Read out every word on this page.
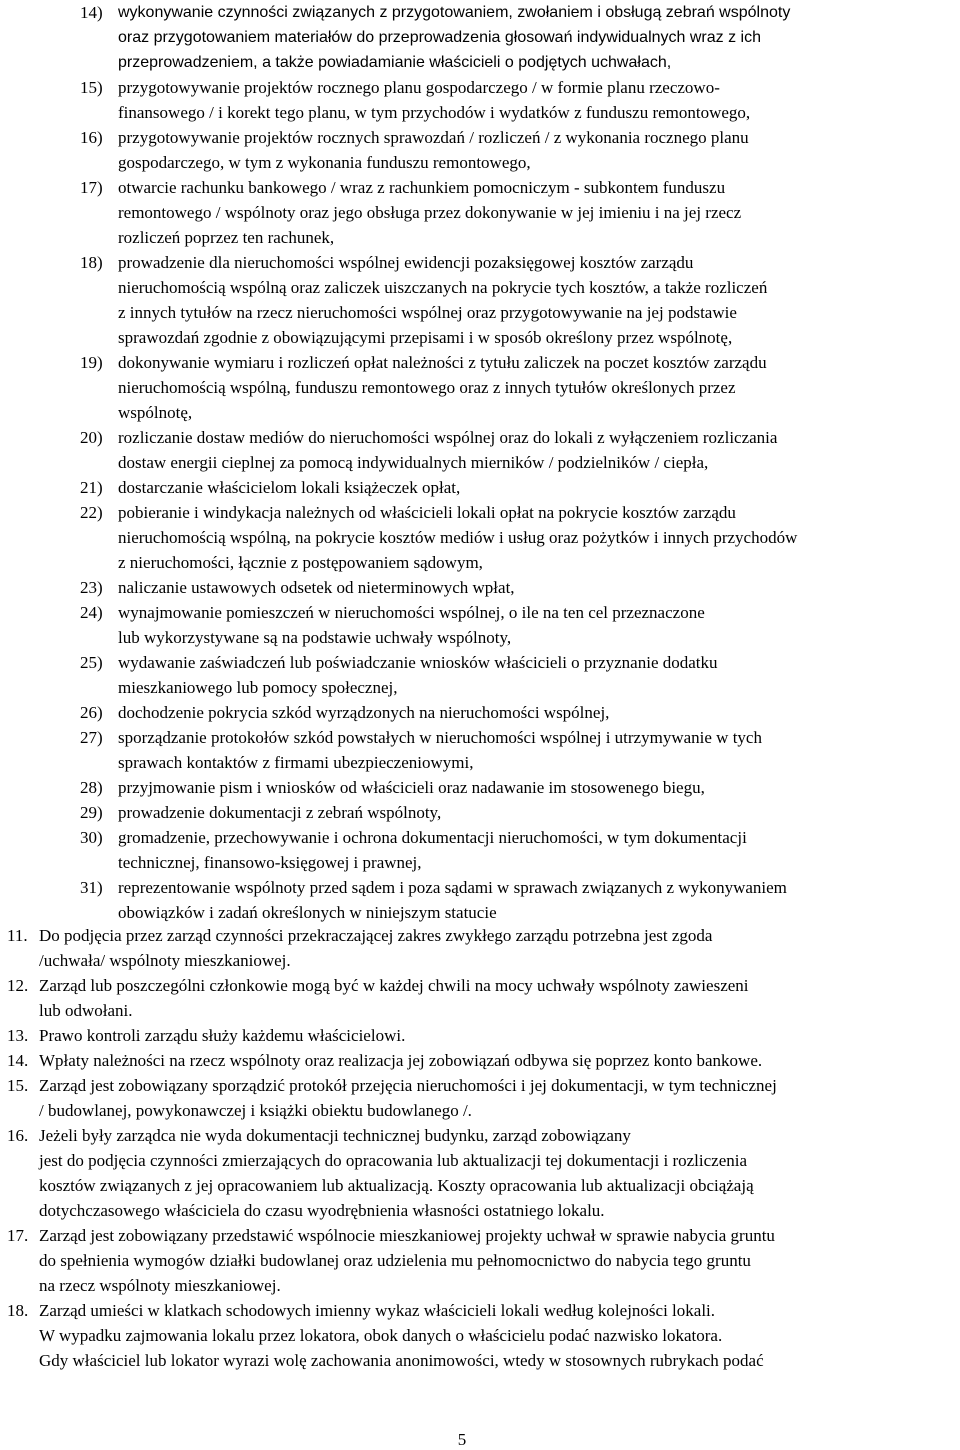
14) wykonywanie czynności związanych z przygotowaniem, zwołaniem i obsługą zebrań wspólnoty
oraz przygotowaniem materiałów do przeprowadzenia głosowań indywidualnych wraz z ich
przeprowadzeniem, a także powiadamianie właścicieli o podjętych uchwałach,
15) przygotowywanie projektów rocznego planu gospodarczego / w formie planu rzeczowo-
finansowego / i korekt tego planu, w tym przychodów i wydatków z funduszu remontowego,
16) przygotowywanie projektów rocznych sprawozdań / rozliczeń / z wykonania rocznego planu
gospodarczego, w tym z wykonania funduszu remontowego,
17) otwarcie rachunku bankowego / wraz z rachunkiem pomocniczym - subkontem funduszu
remontowego / wspólnoty oraz jego obsługa przez dokonywanie w jej imieniu i na jej rzecz
rozliczeń poprzez ten rachunek,
18) prowadzenie dla nieruchomości wspólnej ewidencji pozaksięgowej kosztów zarządu
nieruchomością wspólną oraz zaliczek uiszczanych na pokrycie tych kosztów, a także rozliczeń
z innych tytułów na rzecz nieruchomości wspólnej oraz przygotowywanie na jej podstawie
sprawozdań zgodnie z obowiązującymi przepisami i w sposób określony przez wspólnotę,
19) dokonywanie wymiaru i rozliczeń opłat należności z tytułu zaliczek na poczet kosztów zarządu
nieruchomością wspólną, funduszu remontowego oraz z innych tytułów określonych przez
wspólnotę,
20) rozliczanie dostaw mediów do nieruchomości wspólnej oraz do lokali z wyłączeniem rozliczania
dostaw energii cieplnej za pomocą indywidualnych mierników / podzielników / ciepła,
21) dostarczanie właścicielom lokali książeczek opłat,
22) pobieranie i windykacja należnych od właścicieli lokali opłat na pokrycie kosztów zarządu
nieruchomością wspólną, na pokrycie kosztów mediów i usług oraz pożytków i innych przychodów
z nieruchomości, łącznie z postępowaniem sądowym,
23) naliczanie ustawowych odsetek od nieterminowych wpłat,
24) wynajmowanie pomieszczeń w nieruchomości wspólnej, o ile na ten cel przeznaczone
lub wykorzystywane są na podstawie uchwały wspólnoty,
25) wydawanie zaświadczeń lub poświadczanie wniosków właścicieli o przyznanie dodatku
mieszkaniowego lub pomocy społecznej,
26) dochodzenie pokrycia szkód wyrządzonych na nieruchomości wspólnej,
27) sporządzanie protokołów szkód powstałych w nieruchomości wspólnej i utrzymywanie w tych
sprawach kontaktów z firmami ubezpieczeniowymi,
28) przyjmowanie pism i wniosków od właścicieli oraz nadawanie im stosowenego biegu,
29) prowadzenie dokumentacji z zebrań wspólnoty,
30) gromadzenie, przechowywanie i ochrona dokumentacji nieruchomości, w tym dokumentacji
technicznej, finansowo-księgowej i prawnej,
31) reprezentowanie wspólnoty przed sądem i poza sądami w sprawach związanych z wykonywaniem
obowiązków i zadań określonych w niniejszym statucie
11. Do podjęcia przez zarząd czynności przekraczającej zakres zwykłego zarządu potrzebna jest zgoda
/uchwała/ wspólnoty mieszkaniowej.
12. Zarząd lub poszczególni członkowie mogą być w każdej chwili na mocy uchwały wspólnoty zawieszeni
lub odwołani.
13. Prawo kontroli zarządu służy każdemu właścicielowi.
14. Wpłaty należności na rzecz wspólnoty oraz realizacja jej zobowiązań odbywa się poprzez konto bankowe.
15. Zarząd jest zobowiązany sporządzić protokół przejęcia nieruchomości i jej dokumentacji, w tym technicznej
/ budowlanej, powykonawczej i książki obiektu budowlanego /.
16. Jeżeli były zarządca nie wyda dokumentacji technicznej budynku, zarząd zobowiązany
jest do podjęcia czynności zmierzających do opracowania lub aktualizacji tej dokumentacji i rozliczenia
kosztów związanych z jej opracowaniem lub aktualizacją. Koszty opracowania lub aktualizacji obciążają
dotychczasowego właściciela do czasu wyodrębnienia własności ostatniego lokalu.
17. Zarząd jest zobowiązany przedstawić wspólnocie mieszkaniowej projekty uchwał w sprawie nabycia gruntu
do spełnienia wymogów działki budowlanej oraz udzielenia mu pełnomocnictwo do nabycia tego gruntu
na rzecz wspólnoty mieszkaniowej.
18. Zarząd umieści w klatkach schodowych imienny wykaz właścicieli lokali według kolejności lokali.
W wypadku zajmowania lokalu przez lokatora, obok danych o właścicielu podać nazwisko lokatora.
Gdy właściciel lub lokator wyrazi wolę zachowania anonimowości, wtedy w stosownych rubrykach podać
5
